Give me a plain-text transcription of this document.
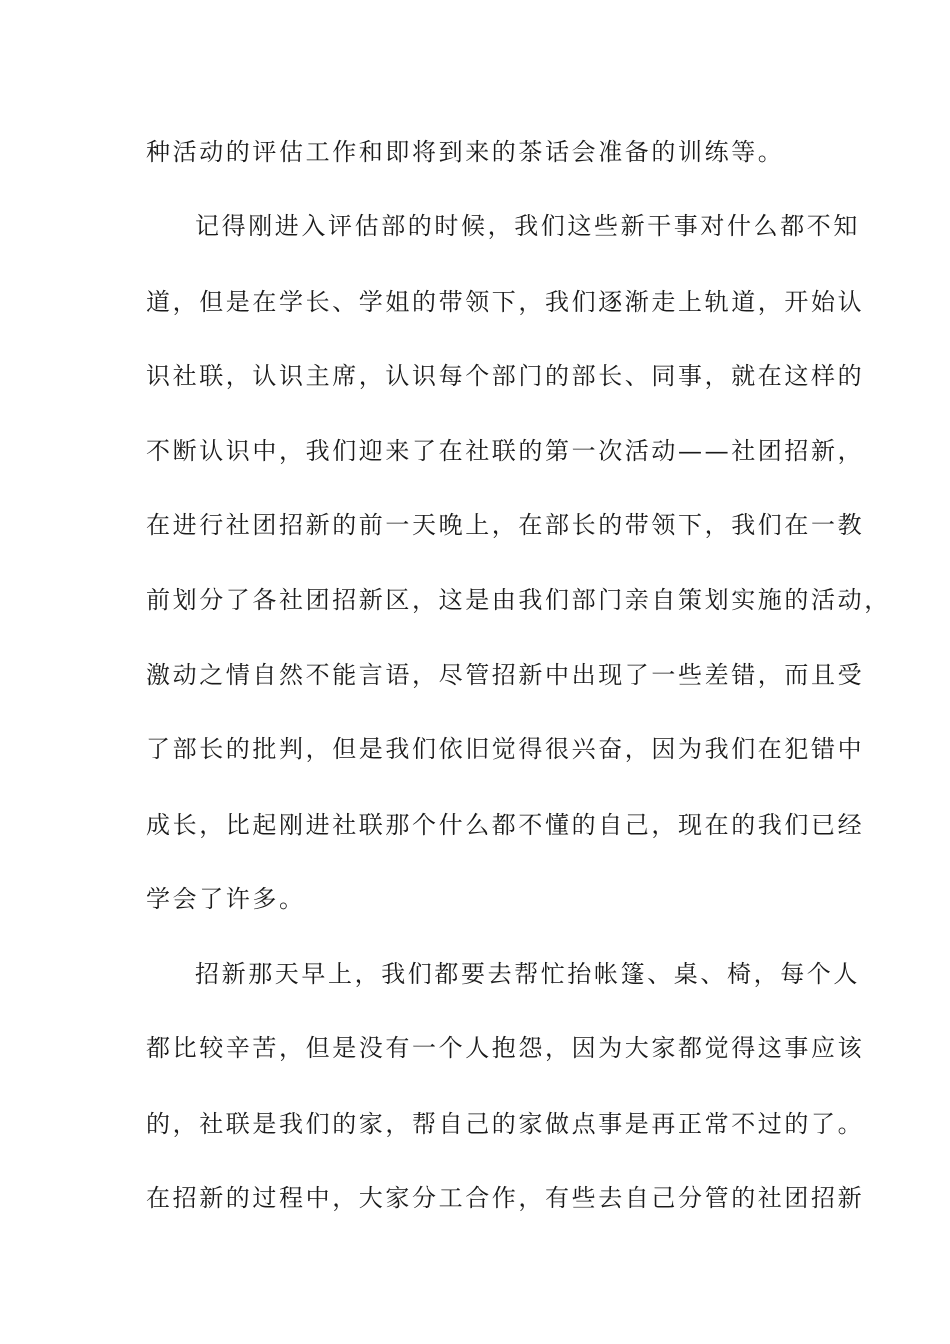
种活动的评估工作和即将到来的茶话会准备的训练等。
记得刚进入评估部的时候，我们这些新干事对什么都不知
道，但是在学长、学姐的带领下，我们逐渐走上轨道，开始认
识社联，认识主席，认识每个部门的部长、同事，就在这样的
不断认识中，我们迎来了在社联的第一次活动——社团招新，
在进行社团招新的前一天晚上，在部长的带领下，我们在一教
前划分了各社团招新区，这是由我们部门亲自策划实施的活动，
激动之情自然不能言语，尽管招新中出现了一些差错，而且受
了部长的批判，但是我们依旧觉得很兴奋，因为我们在犯错中
成长，比起刚进社联那个什么都不懂的自己，现在的我们已经
学会了许多。
招新那天早上，我们都要去帮忙抬帐篷、桌、椅，每个人
都比较辛苦，但是没有一个人抱怨，因为大家都觉得这事应该
的，社联是我们的家，帮自己的家做点事是再正常不过的了。
在招新的过程中，大家分工合作，有些去自己分管的社团招新
